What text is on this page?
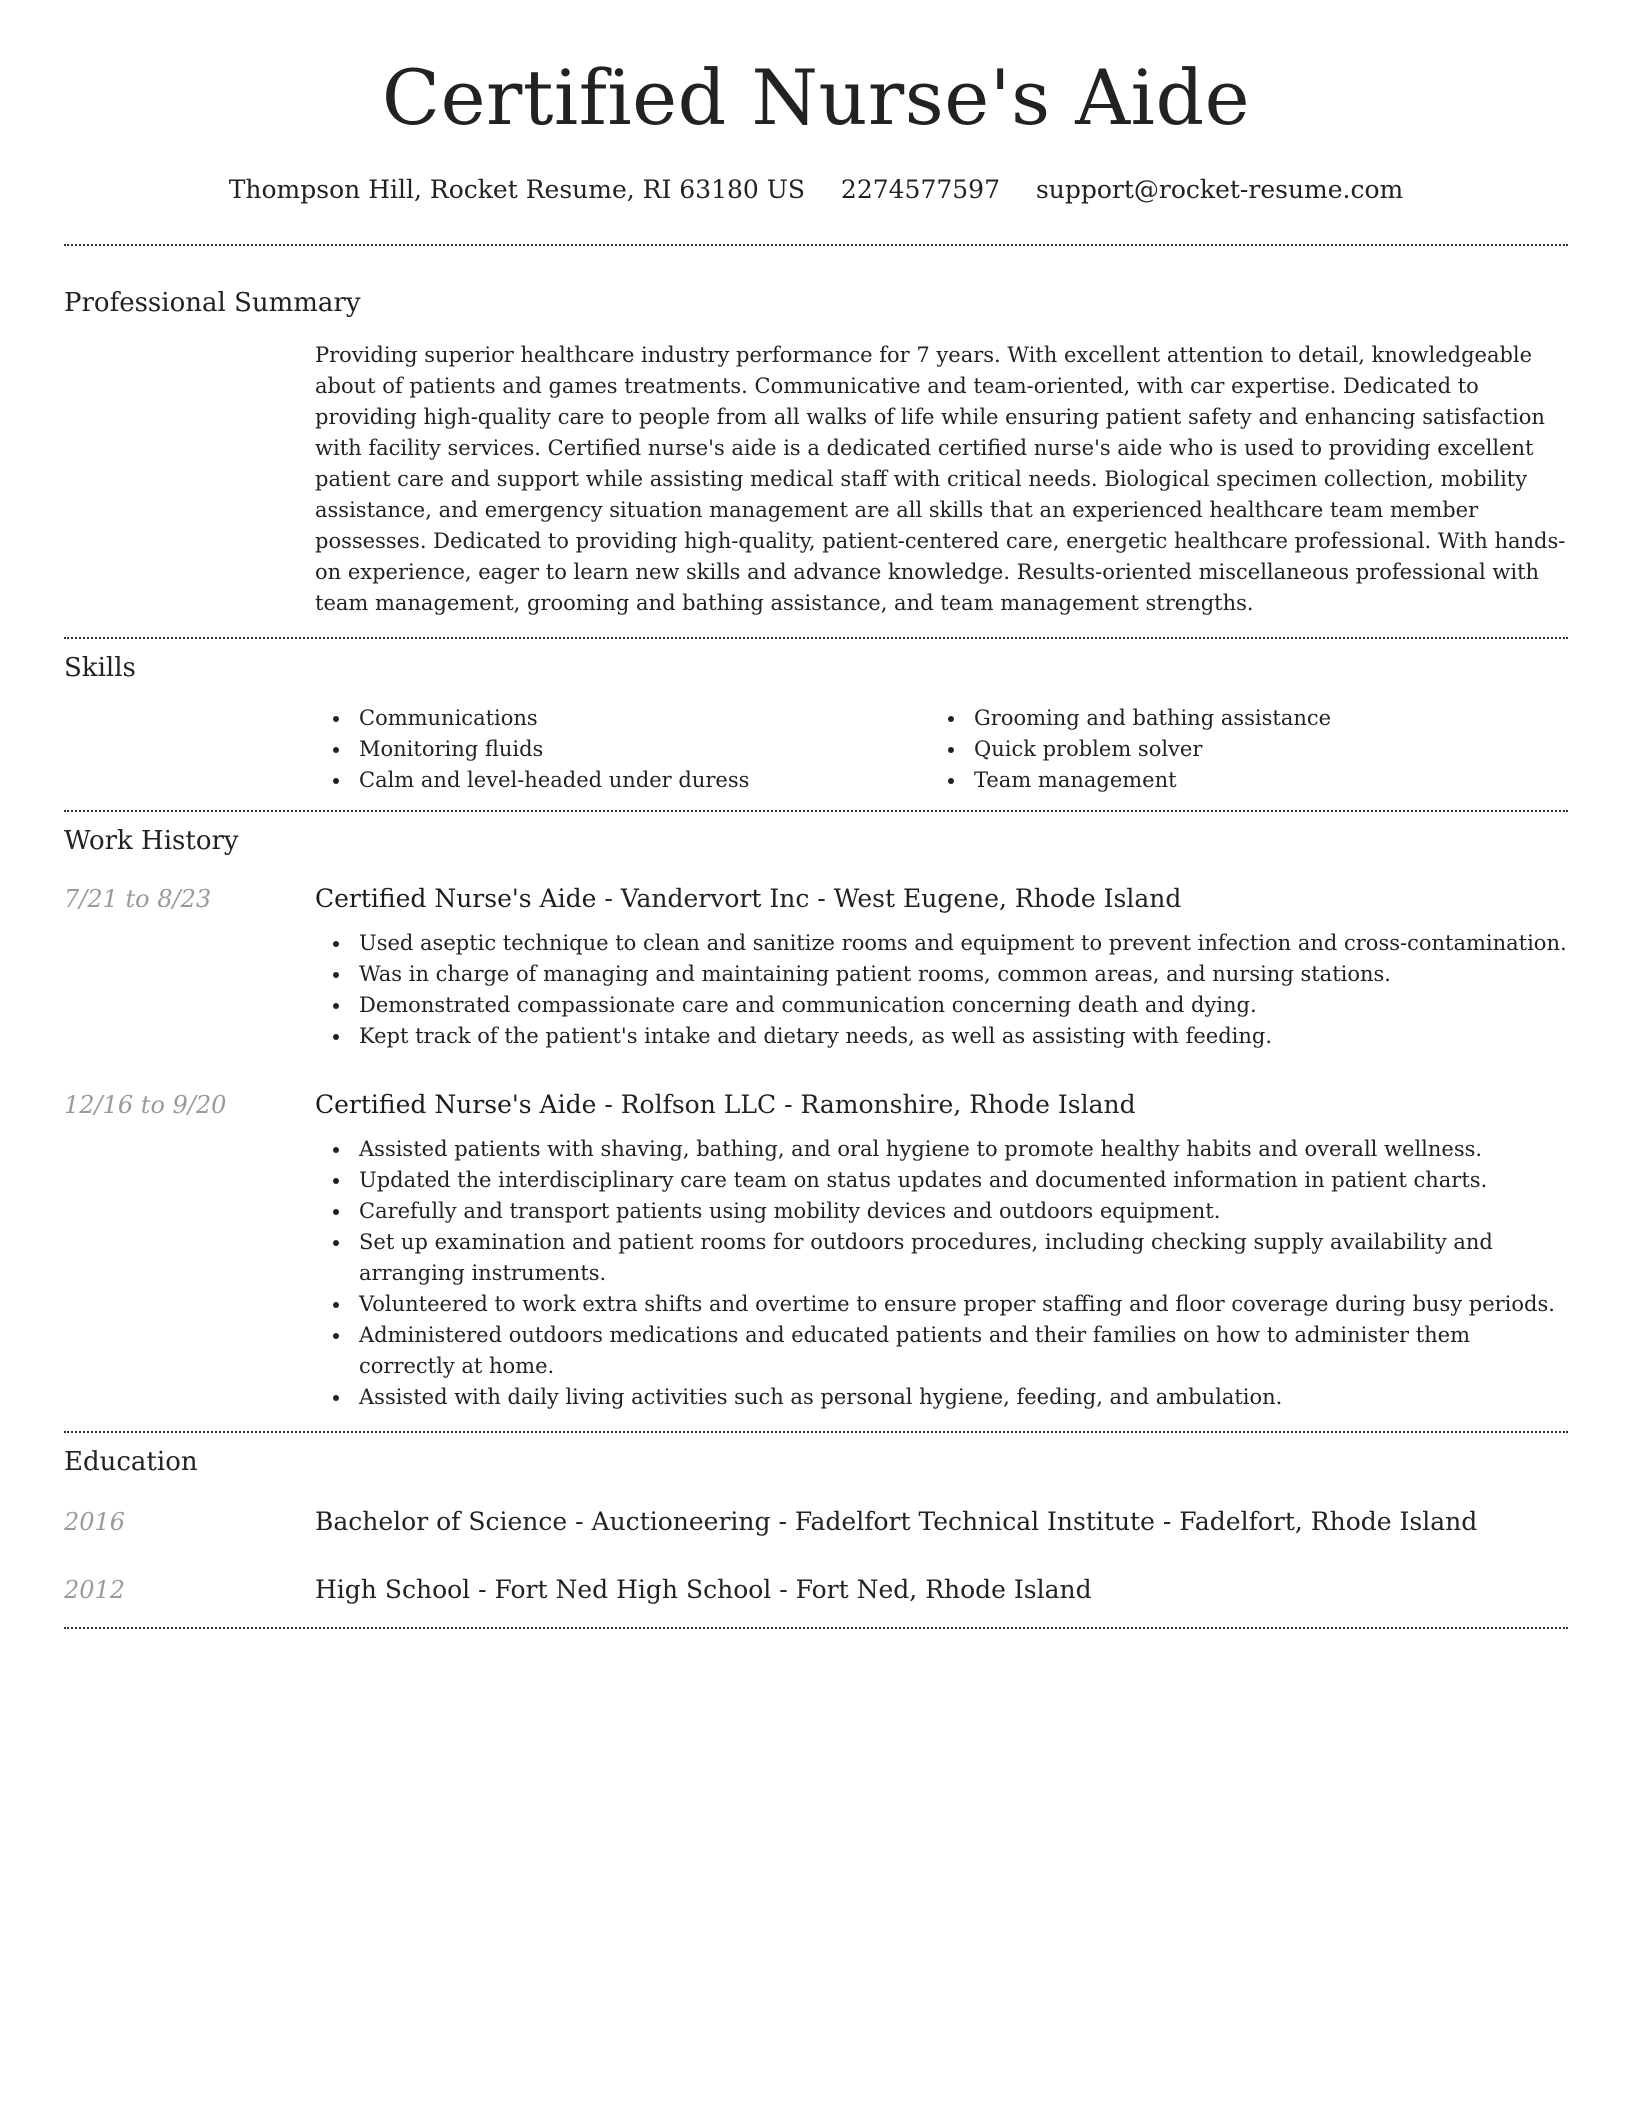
Certified Nurse's Aide
Thompson Hill, Rocket Resume, RI 63180 US 2274577597 support@rocket-resume.com
Professional Summary
Providing superior healthcare industry performance for 7 years. With excellent attention to detail, knowledgeable about of patients and games treatments. Communicative and team-oriented, with car expertise. Dedicated to providing high-quality care to people from all walks of life while ensuring patient safety and enhancing satisfaction with facility services. Certified nurse's aide is a dedicated certified nurse's aide who is used to providing excellent patient care and support while assisting medical staff with critical needs. Biological specimen collection, mobility assistance, and emergency situation management are all skills that an experienced healthcare team member possesses. Dedicated to providing high-quality, patient-centered care, energetic healthcare professional. With hands-on experience, eager to learn new skills and advance knowledge. Results-oriented miscellaneous professional with team management, grooming and bathing assistance, and team management strengths.
Skills
Communications
Monitoring fluids
Calm and level-headed under duress
Grooming and bathing assistance
Quick problem solver
Team management
Work History
7/21 to 8/23	Certified Nurse's Aide - Vandervort Inc - West Eugene, Rhode Island
Used aseptic technique to clean and sanitize rooms and equipment to prevent infection and cross-contamination.
Was in charge of managing and maintaining patient rooms, common areas, and nursing stations.
Demonstrated compassionate care and communication concerning death and dying.
Kept track of the patient's intake and dietary needs, as well as assisting with feeding.
12/16 to 9/20	Certified Nurse's Aide - Rolfson LLC - Ramonshire, Rhode Island
Assisted patients with shaving, bathing, and oral hygiene to promote healthy habits and overall wellness.
Updated the interdisciplinary care team on status updates and documented information in patient charts.
Carefully and transport patients using mobility devices and outdoors equipment.
Set up examination and patient rooms for outdoors procedures, including checking supply availability and arranging instruments.
Volunteered to work extra shifts and overtime to ensure proper staffing and floor coverage during busy periods.
Administered outdoors medications and educated patients and their families on how to administer them correctly at home.
Assisted with daily living activities such as personal hygiene, feeding, and ambulation.
Education
2016	Bachelor of Science - Auctioneering - Fadelfort Technical Institute - Fadelfort, Rhode Island
2012	High School - Fort Ned High School - Fort Ned, Rhode Island
